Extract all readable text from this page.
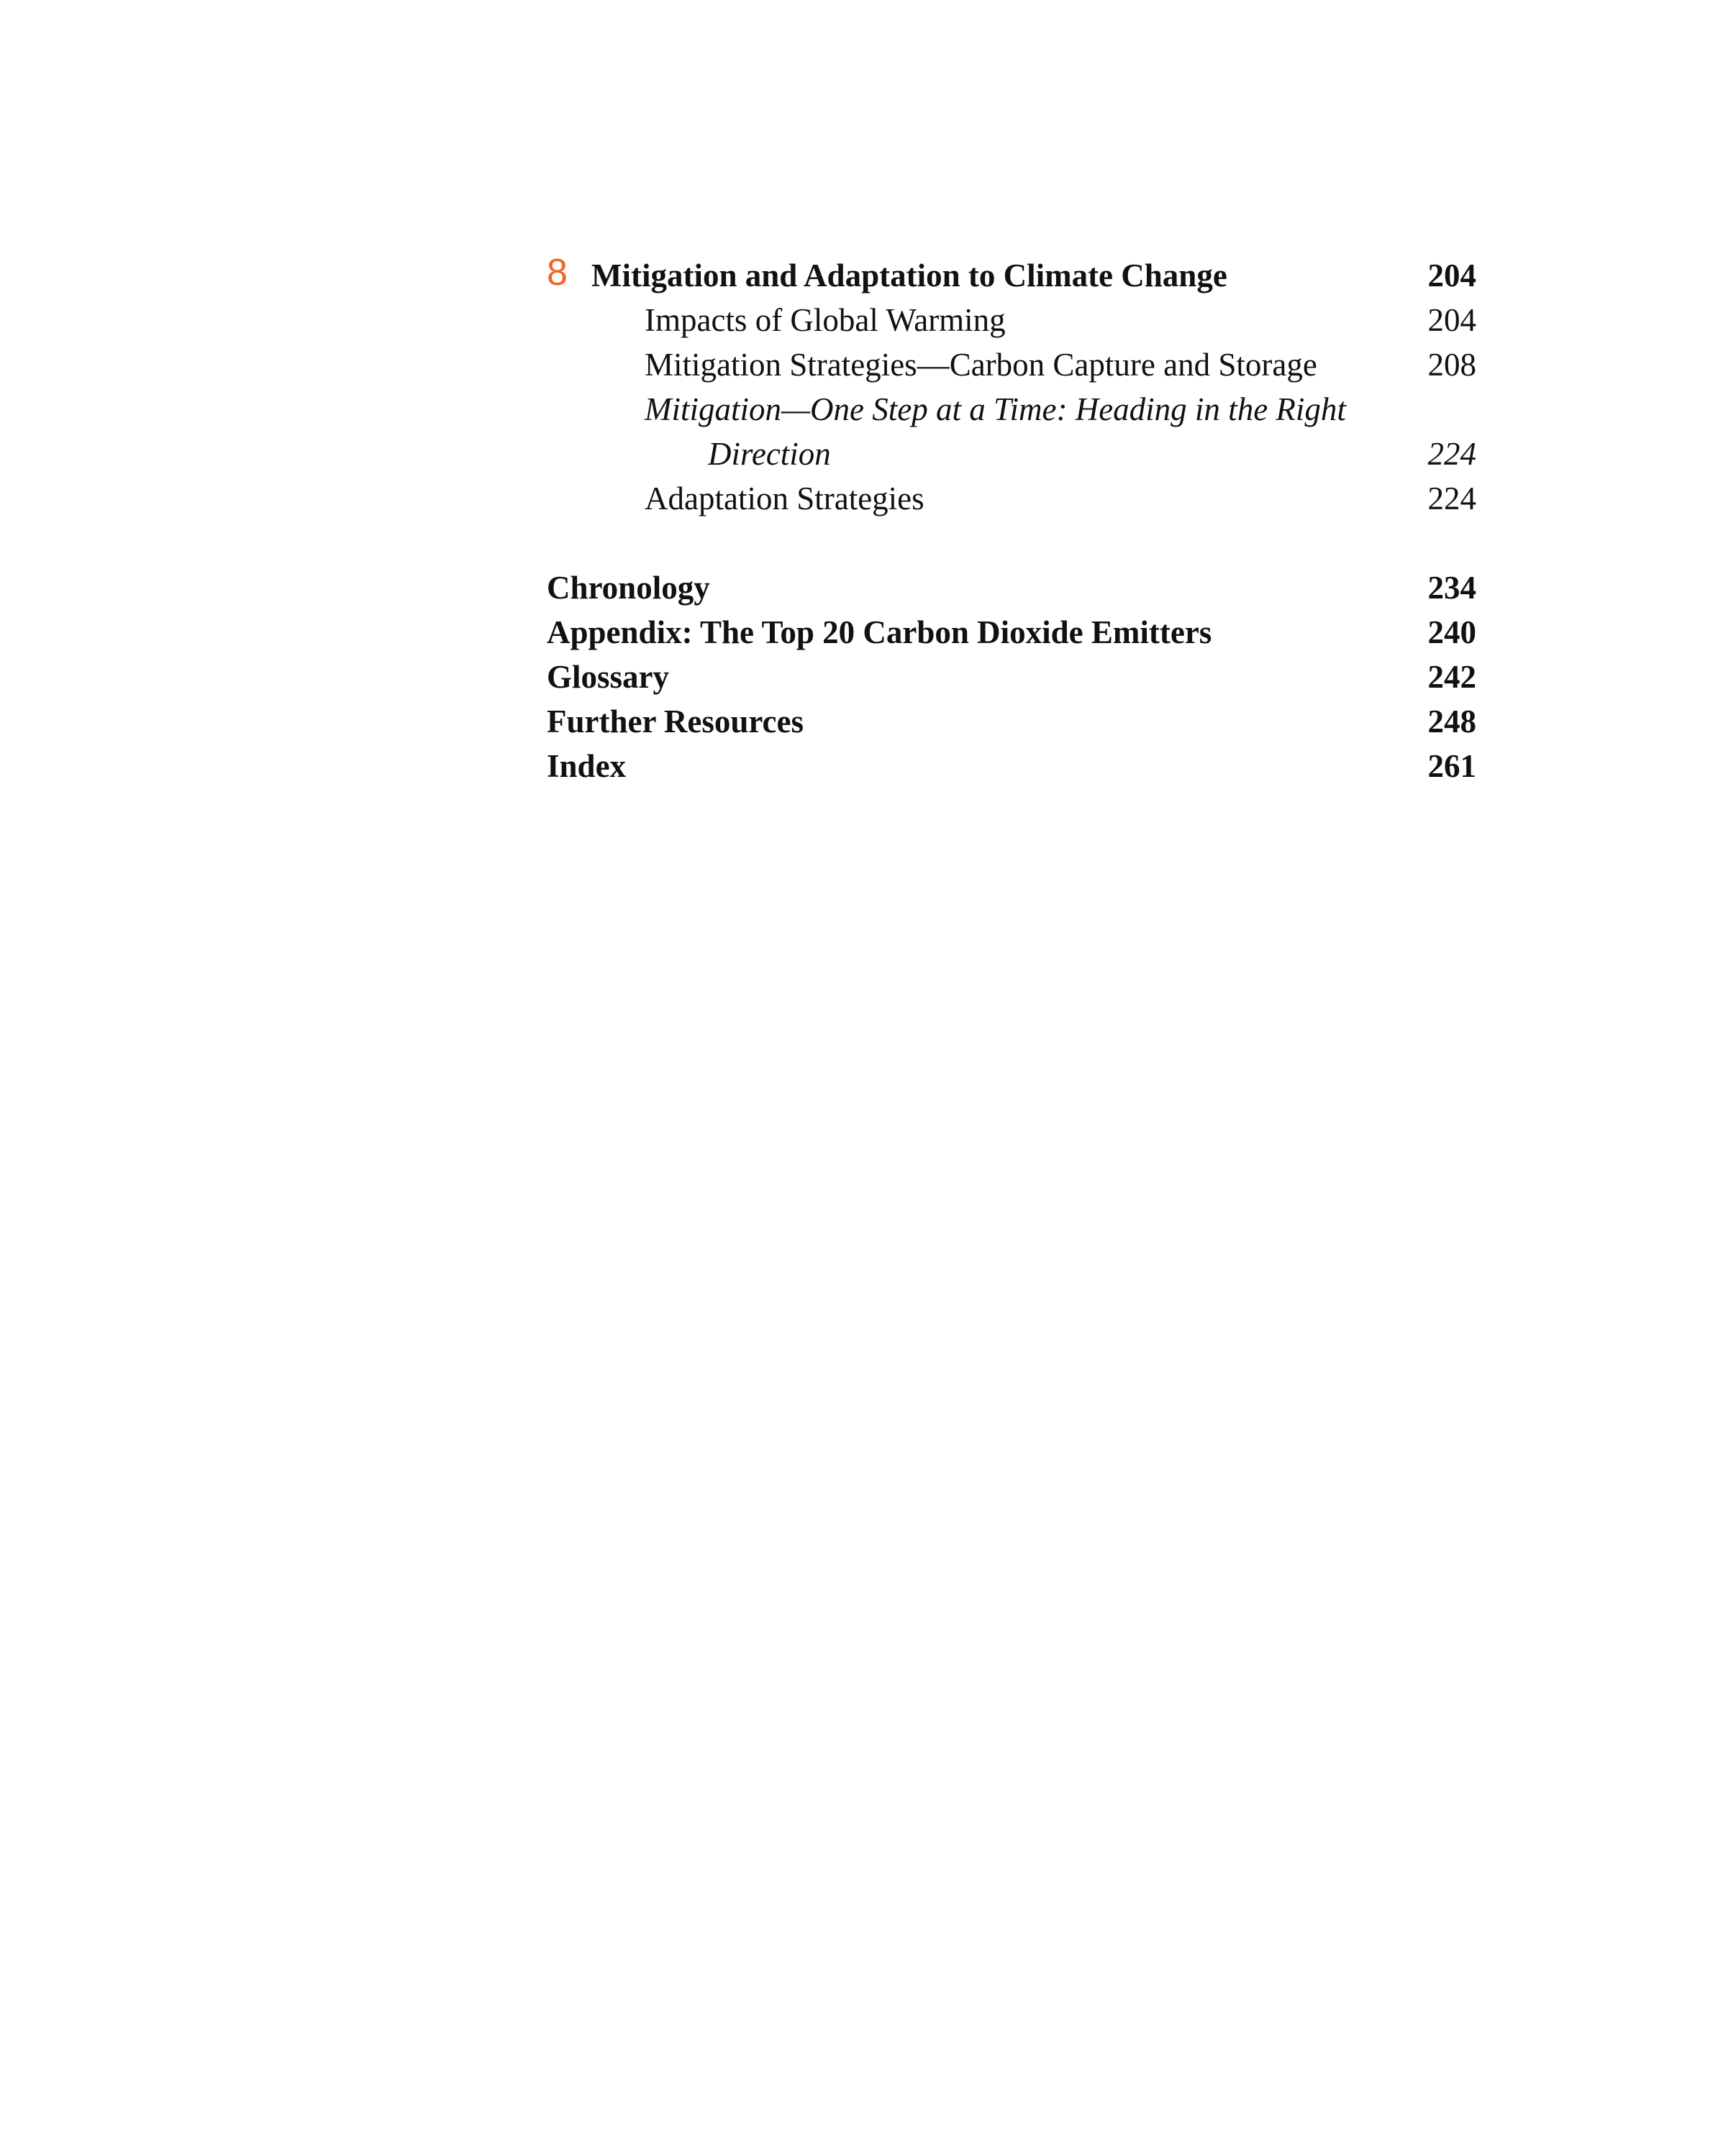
8 Mitigation and Adaptation to Climate Change	204
Impacts of Global Warming	204
Mitigation Strategies—Carbon Capture and Storage	208
Mitigation—One Step at a Time: Heading in the Right
Direction	224
Adaptation Strategies	224
Chronology	234
Appendix: The Top 20 Carbon Dioxide Emitters	240
Glossary	242
Further Resources	248
Index	261
